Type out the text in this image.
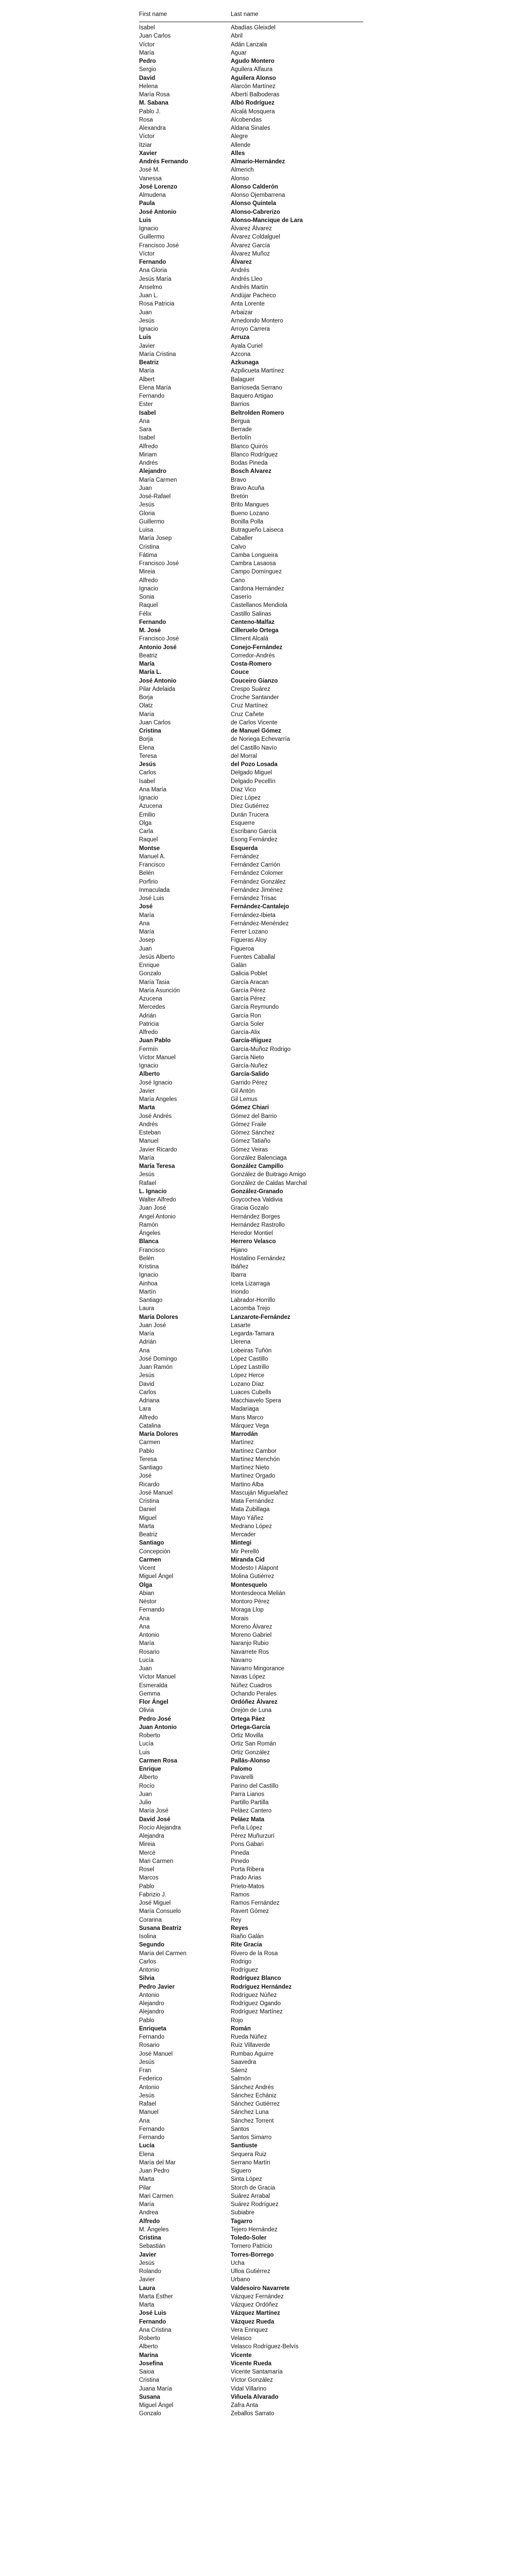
First name	Last name
Isabel	Abadías Gleixdel
Juan Carlos	Abril
Víctor	Adán Lanzala
María	Aguar
Pedro	Agudo Montero
Sergio	Aguilera Alfaura
David	Aguilera Alonso
Helena	Alarcón Martínez
María Rosa	Albertí Balboderas
M. Sabana	Albó Rodríguez
Pablo J.	Alcalá Mosquera
Rosa	Alcobendas
Alexandra	Aldana Sinales
Víctor	Alegre
Itziar	Allende
Xavier	Alles
Andrés Fernando	Almario-Hernández
José M.	Almerich
Vanessa	Alonso
José Lorenzo	Alonso Calderón
Almudena	Alonso Ojembarrena
Paula	Alonso Quintela
José Antonio	Alonso-Cabrerizo
Luis	Alonso-Mancique de Lara
Ignacio	Álvarez Álvarez
Guillermo	Álvarez Coldalguel
Francisco José	Álvarez García
Víctor	Álvarez Muñoz
Fernando	Álvarez
Ana Gloria	Andrés
Jesús María	Andrés Lleo
Anselmo	Andrés Martín
Juan L.	Andújar Pacheco
Rosa Patricia	Anta Lorente
Juan	Arbaizar
Jesús	Arnedondo Montero
Ignacio	Arroyo Carrera
Luis	Arruza
Javier	Ayala Curiel
María Cristina	Azcona
Beatriz	Azkunaga
María	Azpilicueta Martínez
Albert	Balaguer
Elena María	Barrioseda Serrano
Fernando	Baquero Artigao
Ester	Barrios
Isabel	Beltrolden Romero
Ana	Bergua
Sara	Berrade
Isabel	Bertolín
Alfredo	Blanco Quirós
Miriam	Blanco Rodríguez
Andrés	Bodas Pineda
Alejandro	Bosch Alvarez
María Carmen	Bravo
Juan	Bravo Acuña
José-Rafael	Bretón
Jesús	Brito Mangues
Gloria	Bueno Lozano
Guillermo	Bonilla Polla
Luisa	Butragueño Laiseca
María Josep	Caballer
Cristina	Calvo
Fátima	Camba Longueira
Francisco José	Cambra Lasaosa
Mireia	Campo Domínguez
Alfredo	Cano
Ignacio	Cardona Hernández
Sonia	Caserío
Raquel	Castellanos Mendiola
Félix	Castillo Salinas
Fernando	Centeno-Malfaz
M. José	Cilleruelo Ortega
Francisco José	Climent Alcalá
Antonio José	Conejo-Fernández
Beatriz	Corredor-Andrés
María	Costa-Romero
María L.	Couce
José Antonio	Couceiro Gianzo
Pilar Adelaida	Crespo Suárez
Borja	Croche Santander
Olatz	Cruz Martínez
María	Cruz Cañete
Juan Carlos	de Carlos Vicente
Cristina	de Manuel Gómez
Borja	de Noriega Echevarría
Elena	del Castillo Navío
Teresa	del Morral
Jesús	del Pozo Losada
Carlos	Delgado Miguel
Isabel	Delgado Pecellín
Ana María	Díaz Vico
Ignacio	Díez López
Azucena	Díez Gutiérrez
Emilio	Durán Trucera
Olga	Esquerre
Carla	Escribano García
Raquel	Esong Fernández
Montse	Esquerda
Manuel A.	Fernández
Francisco	Fernández Carrión
Belén	Fernández Colomer
Porfirio	Fernández González
Inmaculada	Fernández Jiménez
José Luis	Fernández Trisac
José	Fernández-Cantalejo
María	Fernández-Ibieta
Ana	Fernández-Menéndez
María	Ferrer Lozano
Josep	Figueras Aloy
Juan	Figueroa
Jesús Alberto	Fuentes Caballal
Enrique	Galán
Gonzalo	Galicia Poblet
María Tasia	García Aracan
María Asunción	García Pérez
Azucena	García Pérez
Mercedes	García Reymundo
Adrián	García Ron
Patricia	García Soler
Alfredo	García-Alix
Juan Pablo	García-Iñiguez
Fermín	García-Muñoz Rodrigo
Víctor Manuel	García Nieto
Ignacio	García-Nuñez
Alberto	García-Salido
José Ignacio	Garrido Pérez
Javier	Gil Antón
María Angeles	Gil Lemus
Marta	Gómez Chiari
José Andrés	Gómez del Barrio
Andrés	Gómez Fraile
Esteban	Gómez Sánchez
Manuel	Gómez Tatiaño
Javier Ricardo	Gómez Veiras
María	González Balenciaga
María Teresa	González Campillo
Jesús	González de Buitrago Amigo
Rafael	González de Caldas Marchal
L. Ignacio	González-Granado
Walter Alfredo	Goycochea Valdivia
Juan José	Gracia Gozalo
Angel Antonio	Hernández Borges
Ramón	Hernández Rastrollo
Ángeles	Heredor Montiel
Blanca	Herrero Velasco
Francisco	Hijano
Belén	Hostalino Fernández
Kristina	Ibáñez
Ignacio	Ibarra
Ainhoa	Iceta Lizarraga
Martín	Iriondo
Santiago	Labrador-Horrillo
Laura	Lacomba Trejo
María Dolores	Lanzarote-Fernández
Juan José	Lasarte
María	Legarda-Tamara
Adrián	Llerena
Ana	Lobeiras Tuñón
José Domingo	López Castillo
Juan Ramón	López Lastrillo
Jesús	López Herce
David	Lozano Díaz
Carlos	Luaces Cubells
Adriana	Macchiavelo Spera
Lara	Madariaga
Alfredo	Mans Marco
Catalina	Márquez Vega
María Dolores	Marrodán
Carmen	Martínez
Pablo	Martínez Cambor
Teresa	Martínez Menchón
Santiago	Martínez Nieto
José	Martínez Orgado
Ricardo	Martino Alba
José Manuel	Mascuján Miguelañez
Cristina	Mata Fernández
Daniel	Mata Zubillaga
Miguel	Mayo Yáñez
Marta	Medrano López
Beatriz	Mercader
Santiago	Mintegi
Concepción	Mir Perelló
Carmen	Miranda Cid
Vicent	Modesto I Alapont
Miguel Ángel	Molina Gutiérrez
Olga	Montesquelo
Abian	Montesdeoca Melián
Néstor	Montoro Pérez
Fernando	Moraga Llop
Ana	Morais
Ana	Moreno Álvarez
Antonio	Moreno Gabriel
María	Naranjo Rubio
Rosario	Navarrete Ros
Lucía	Navarro
Juan	Navarro Mingorance
Víctor Manuel	Navas López
Esmeralda	Núñez Cuadros
Gemma	Ochando Perales
Flor Ángel	Ordóñez Álvarez
Olivia	Orejón de Luna
Pedro José	Ortega Páez
Juan Antonio	Ortega-García
Roberto	Ortiz Movilla
Lucía	Ortiz San Román
Luis	Ortiz González
Carmen Rosa	Pallás-Alonso
Enrique	Palomo
Alberto	Pavarelli
Rocío	Parino del Castillo
Juan	Parra Lianos
Julio	Partillo Partilla
María José	Peláez Cantero
David José	Peláez Mata
Rocío Alejandra	Peña López
Alejandra	Pérez Muñurzurí
Mireia	Pons Gabari
Mercè	Pineda
Mari Carmen	Pinedo
Rosel	Porta Ribera
Marcos	Prado Arias
Pablo	Prieto-Matos
Fabrizio J.	Ramos
José Miguel	Ramos Fernández
María Consuelo	Ravert Gómez
Corarina	Rey
Susana Beatriz	Reyes
Isolina	Riaño Galán
Segundo	Rite Gracia
María del Carmen	Rivero de la Rosa
Carlos	Rodrigo
Antonio	Rodríguez
Silvia	Rodríguez Blanco
Pedro Javier	Rodríguez Hernández
Antonio	Rodríguez Núñez
Alejandro	Rodríguez Ogando
Alejandro	Rodríguez Martínez
Pablo	Rojo
Enriqueta	Román
Fernando	Rueda Núñez
Rosario	Ruiz Villaverde
José Manuel	Rumbao Aguirre
Jesús	Saavedra
Fran	Sáenz
Federico	Salmón
Antonio	Sánchez Andrés
Jesús	Sánchez Echániz
Rafael	Sánchez Gutiérrez
Manuel	Sánchez Luna
Ana	Sánchez Torrent
Fernando	Santos
Fernando	Santos Simarro
Lucía	Santiuste
Elena	Sequera Ruiz
María del Mar	Serrano Martín
Juan Pedro	Siguero
Marta	Sinta López
Pilar	Storch de Gracia
Mari Carmen	Suárez Arrabal
María	Suárez Rodríguez
Andrea	Subiabre
Alfredo	Tagarro
M. Ángeles	Tejero Hernández
Cristina	Toledo-Soler
Sebastián	Tornero Patricio
Javier	Torres-Borrego
Jesús	Ucha
Rolando	Ulloa Gutiérrez
Javier	Urbano
Laura	Valdesoiro Navarrete
Marta Esther	Vázquez Fernández
Marta	Vázquez Ordóñez
José Luis	Vázquez Martínez
Fernando	Vázquez Rueda
Ana Cristina	Vera Enriquez
Roberto	Velasco
Alberto	Velasco Rodríguez-Belvís
Marina	Vicente
Josefina	Vicente Rueda
Saioa	Vicente Santamaría
Cristina	Víctor González
Juana María	Vidal Villarino
Susana	Viñuela Alvarado
Miguel Ángel	Zafra Anta
Gonzalo	Zeballos Sarrato
